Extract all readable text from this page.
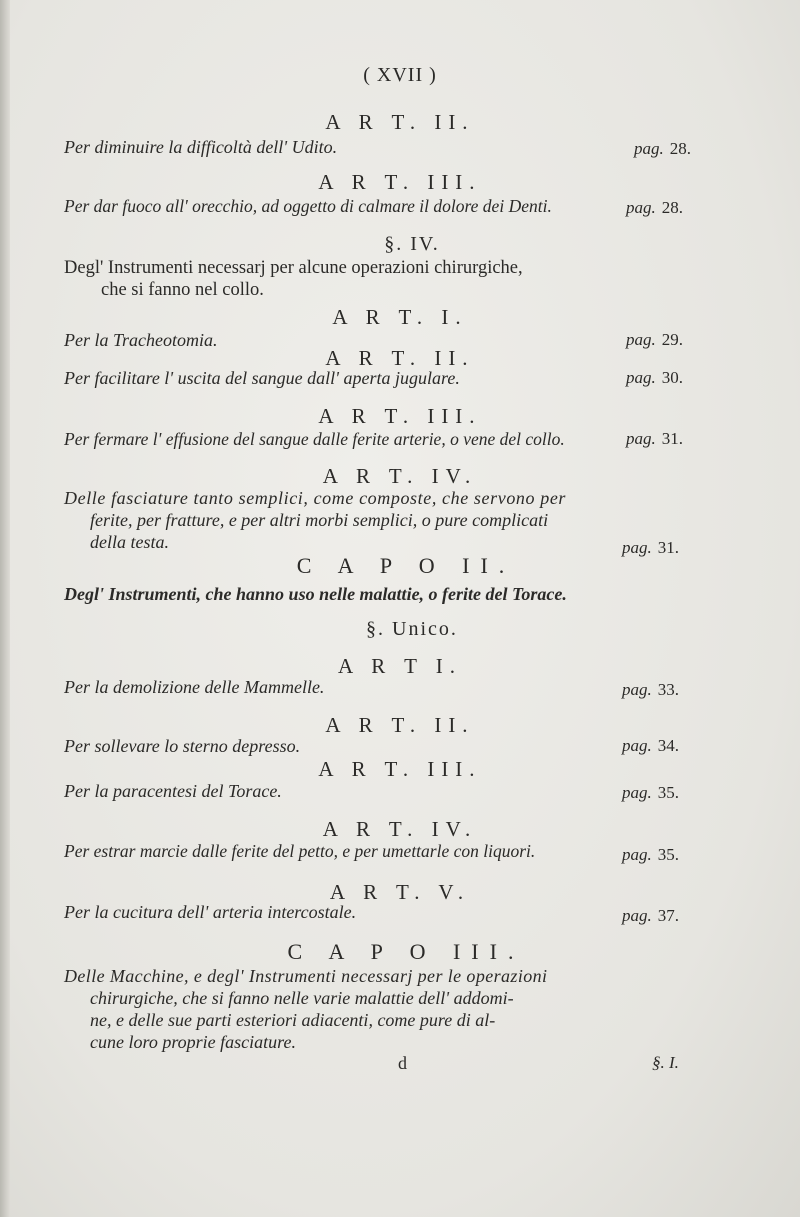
( XVII )
A R T. II.
Per diminuire la difficoltà dell' Udito.	pag. 28.
A R T. III.
Per dar fuoco all' orecchio, ad oggetto di calmare il dolore dei Denti.	pag. 28.
§. IV.
Degl' Instrumenti necessarj per alcune operazioni chirurgiche,
che si fanno nel collo.
A R T. I.
Per la Tracheotomia.	pag. 29.
A R T. II.
Per facilitare l' uscita del sangue dall' aperta jugulare.	pag. 30.
A R T. III.
Per fermare l' effusione del sangue dalle ferite arterie, o vene del collo.	pag. 31.
A R T. IV.
Delle fasciature tanto semplici, come composte, che servono per
ferite, per fratture, e per altri morbi semplici, o pure complicati
della testa.	pag. 31.
C A P O II.
Degl' Instrumenti, che hanno uso nelle malattie, o ferite del Torace.
§. Unico.
A R T I.
Per la demolizione delle Mammelle.	pag. 33.
A R T. II.
Per sollevare lo sterno depresso.	pag. 34.
A R T. III.
Per la paracentesi del Torace.	pag. 35.
A R T. IV.
Per estrar marcie dalle ferite del petto, e per umettarle con liquori.	pag. 35.
A R T. V.
Per la cucitura dell' arteria intercostale.	pag. 37.
C A P O III.
Delle Macchine, e degl' Instrumenti necessarj per le operazioni
chirurgiche, che si fanno nelle varie malattie dell' addomi-
ne, e delle sue parti esteriori adiacenti, come pure di al-
cune loro proprie fasciature.
d	§. I.
